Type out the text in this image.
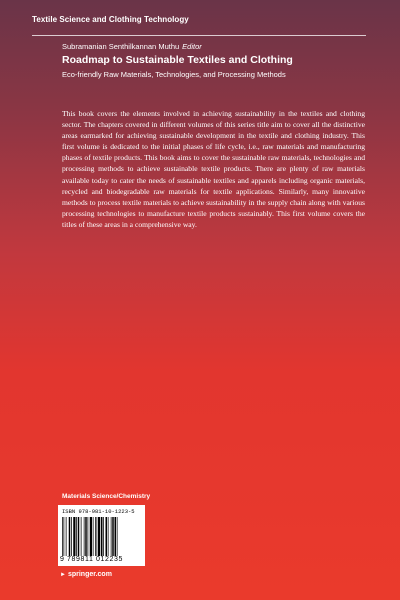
Textile Science and Clothing Technology
Subramanian Senthilkannan Muthu Editor
Roadmap to Sustainable Textiles and Clothing
Eco-friendly Raw Materials, Technologies, and Processing Methods

This book covers the elements involved in achieving sustainability in the textiles and clothing sector. The chapters covered in different volumes of this series title aim to cover all the distinctive areas earmarked for achieving sustainable development in the textile and clothing industry. This first volume is dedicated to the initial phases of life cycle, i.e., raw materials and manufacturing phases of textile products. This book aims to cover the sustainable raw materials, technologies and processing methods to achieve sustainable textile products. There are plenty of raw materials available today to cater the needs of sustainable textiles and apparels including organic materials, recycled and biodegradable raw materials for textile applications. Similarly, many innovative methods to process textile materials to achieve sustainability in the supply chain along with various processing technologies to manufacture textile products sustainably. This first volume covers the titles of these areas in a comprehensive way.

Materials Science/Chemistry
ISBN 978-981-10-1223-5
9 789811 012235
► springer.com
